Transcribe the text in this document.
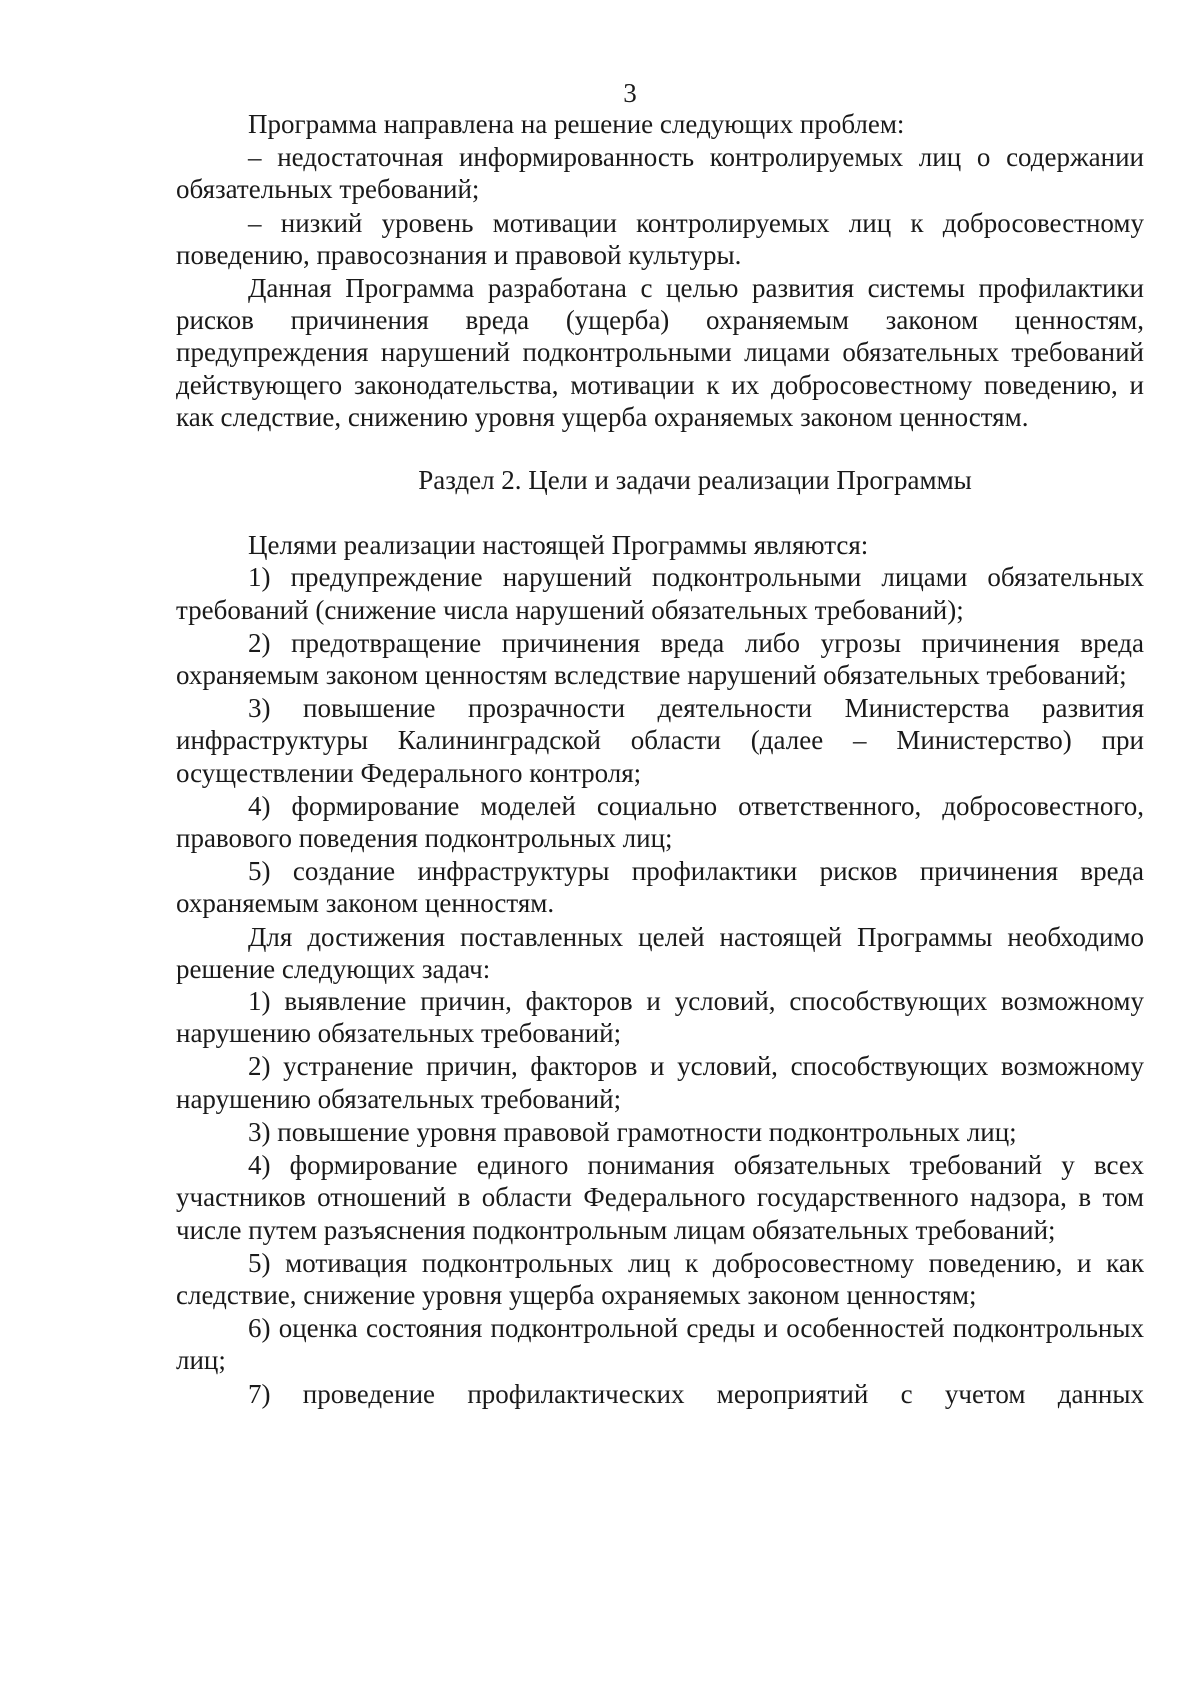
3

Программа направлена на решение следующих проблем:

– недостаточная информированность контролируемых лиц о содержании обязательных требований;

– низкий уровень мотивации контролируемых лиц к добросовестному поведению, правосознания и правовой культуры.

Данная Программа разработана с целью развития системы профилактики рисков причинения вреда (ущерба) охраняемым законом ценностям, предупреждения нарушений подконтрольными лицами обязательных требований действующего законодательства, мотивации к их добросовестному поведению, и как следствие, снижению уровня ущерба охраняемых законом ценностям.

Раздел 2. Цели и задачи реализации Программы

Целями реализации настоящей Программы являются:

1) предупреждение нарушений подконтрольными лицами обязательных требований (снижение числа нарушений обязательных требований);

2) предотвращение причинения вреда либо угрозы причинения вреда охраняемым законом ценностям вследствие нарушений обязательных требований;

3) повышение прозрачности деятельности Министерства развития инфраструктуры Калининградской области (далее – Министерство) при осуществлении Федерального контроля;

4) формирование моделей социально ответственного, добросовестного, правового поведения подконтрольных лиц;

5) создание инфраструктуры профилактики рисков причинения вреда охраняемым законом ценностям.

Для достижения поставленных целей настоящей Программы необходимо решение следующих задач:

1) выявление причин, факторов и условий, способствующих возможному нарушению обязательных требований;

2) устранение причин, факторов и условий, способствующих возможному нарушению обязательных требований;

3) повышение уровня правовой грамотности подконтрольных лиц;

4) формирование единого понимания обязательных требований у всех участников отношений в области Федерального государственного надзора, в том числе путем разъяснения подконтрольным лицам обязательных требований;

5) мотивация подконтрольных лиц к добросовестному поведению, и как следствие, снижение уровня ущерба охраняемых законом ценностям;

6) оценка состояния подконтрольной среды и особенностей подконтрольных лиц;

7) проведение профилактических мероприятий с учетом данных
